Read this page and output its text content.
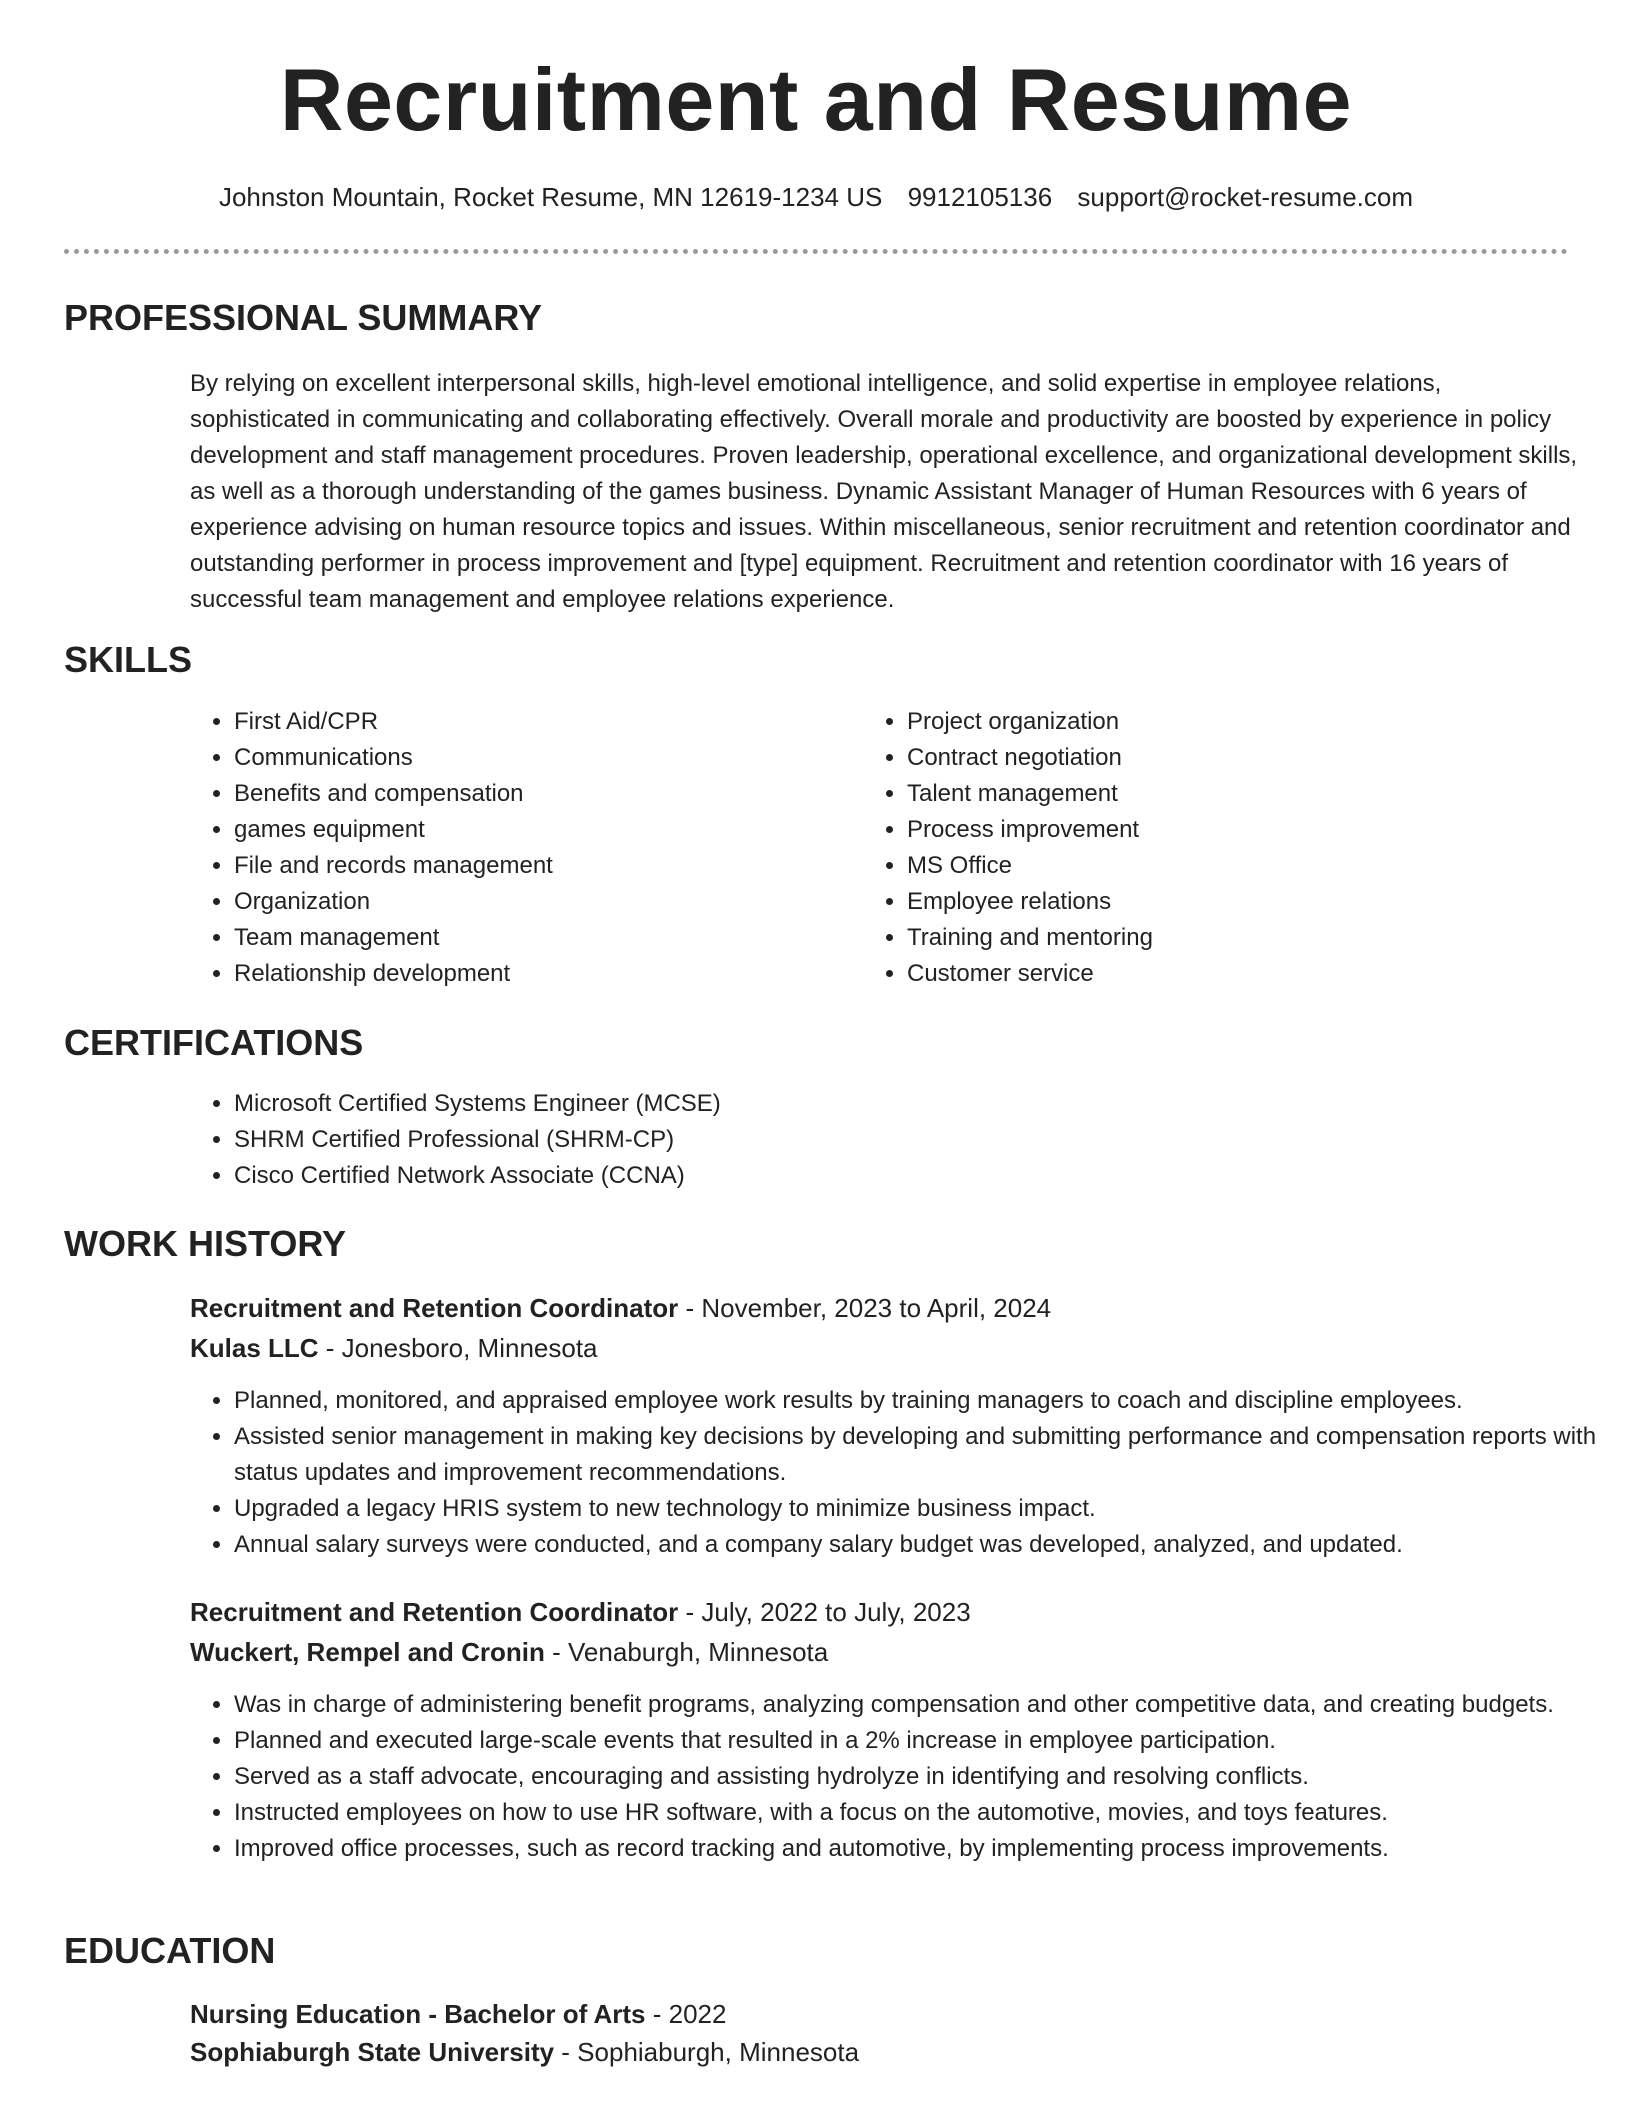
Recruitment and Resume
Johnston Mountain, Rocket Resume, MN 12619-1234 US 9912105136 support@rocket-resume.com
PROFESSIONAL SUMMARY

By relying on excellent interpersonal skills, high-level emotional intelligence, and solid expertise in employee relations, sophisticated in communicating and collaborating effectively. Overall morale and productivity are boosted by experience in policy development and staff management procedures. Proven leadership, operational excellence, and organizational development skills, as well as a thorough understanding of the games business. Dynamic Assistant Manager of Human Resources with 6 years of experience advising on human resource topics and issues. Within miscellaneous, senior recruitment and retention coordinator and outstanding performer in process improvement and [type] equipment. Recruitment and retention coordinator with 16 years of successful team management and employee relations experience.

SKILLS
• First Aid/CPR
• Communications
• Benefits and compensation
• games equipment
• File and records management
• Organization
• Team management
• Relationship development
• Project organization
• Contract negotiation
• Talent management
• Process improvement
• MS Office
• Employee relations
• Training and mentoring
• Customer service
CERTIFICATIONS
• Microsoft Certified Systems Engineer (MCSE)
• SHRM Certified Professional (SHRM-CP)
• Cisco Certified Network Associate (CCNA)
WORK HISTORY

Recruitment and Retention Coordinator - November, 2023 to April, 2024

Kulas LLC - Jonesboro, Minnesota

• Planned, monitored, and appraised employee work results by training managers to coach and discipline employees.
• Assisted senior management in making key decisions by developing and submitting performance and compensation reports with status updates and improvement recommendations.
• Upgraded a legacy HRIS system to new technology to minimize business impact.
• Annual salary surveys were conducted, and a company salary budget was developed, analyzed, and updated.

Recruitment and Retention Coordinator - July, 2022 to July, 2023

Wuckert, Rempel and Cronin - Venaburgh, Minnesota

• Was in charge of administering benefit programs, analyzing compensation and other competitive data, and creating budgets.
• Planned and executed large-scale events that resulted in a 2% increase in employee participation.
• Served as a staff advocate, encouraging and assisting hydrolyze in identifying and resolving conflicts.
• Instructed employees on how to use HR software, with a focus on the automotive, movies, and toys features.
• Improved office processes, such as record tracking and automotive, by implementing process improvements.
EDUCATION

Nursing Education - Bachelor of Arts - 2022

Sophiaburgh State University - Sophiaburgh, Minnesota
